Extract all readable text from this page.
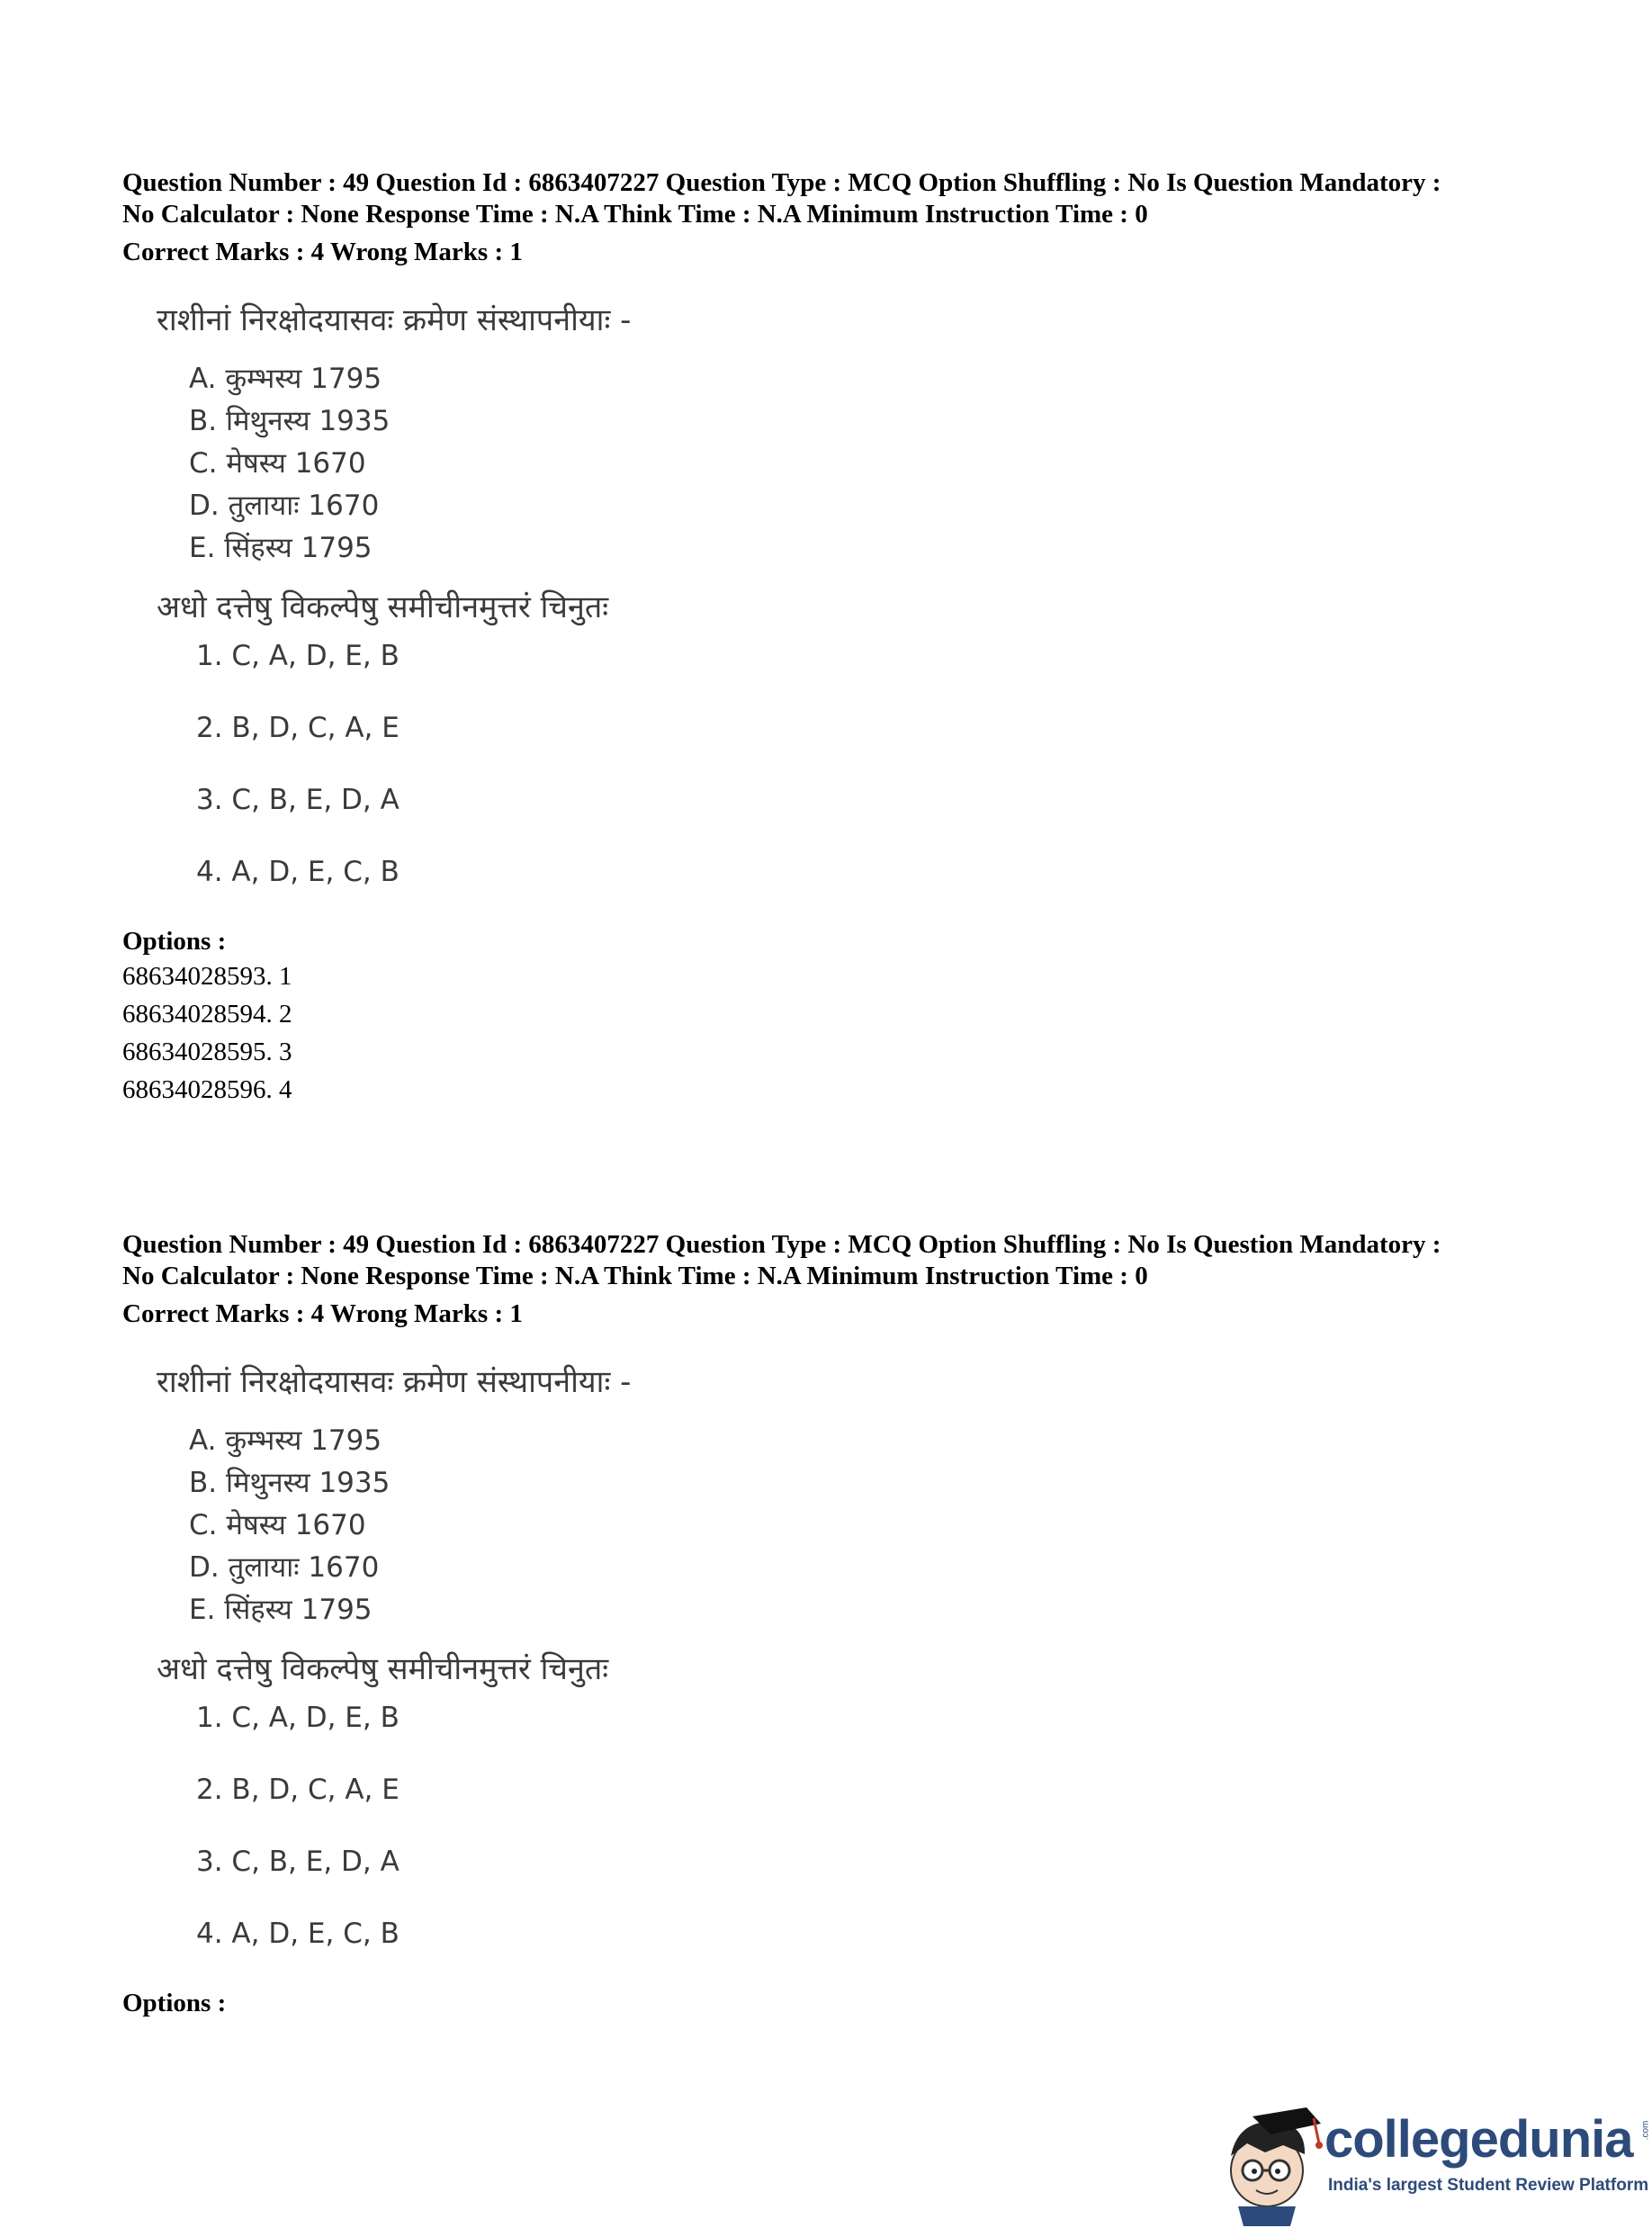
Question Number : 49 Question Id : 6863407227 Question Type : MCQ Option Shuffling : No Is Question Mandatory :

No Calculator : None Response Time : N.A Think Time : N.A Minimum Instruction Time : 0

Correct Marks : 4 Wrong Marks : 1
राशीनां निरक्षोदयासवः क्रमेण संस्थापनीयाः -
A. कुम्भस्य 1795
B. मिथुनस्य 1935
C. मेषस्य 1670
D. तुलायाः 1670
E. सिंहस्य 1795
अधो दत्तेषु विकल्पेषु समीचीनमुत्तरं चिनुतः
1. C, A, D, E, B
2. B, D, C, A, E
3. C, B, E, D, A
4. A, D, E, C, B
Options :
68634028593. 1
68634028594. 2
68634028595. 3
68634028596. 4

Question Number : 49 Question Id : 6863407227 Question Type : MCQ Option Shuffling : No Is Question Mandatory :

No Calculator : None Response Time : N.A Think Time : N.A Minimum Instruction Time : 0

Correct Marks : 4 Wrong Marks : 1
राशीनां निरक्षोदयासवः क्रमेण संस्थापनीयाः -
A. कुम्भस्य 1795
B. मिथुनस्य 1935
C. मेषस्य 1670
D. तुलायाः 1670
E. सिंहस्य 1795
अधो दत्तेषु विकल्पेषु समीचीनमुत्तरं चिनुतः
1. C, A, D, E, B
2. B, D, C, A, E
3. C, B, E, D, A
4. A, D, E, C, B
Options :
collegedunia .com
India's largest Student Review Platform
